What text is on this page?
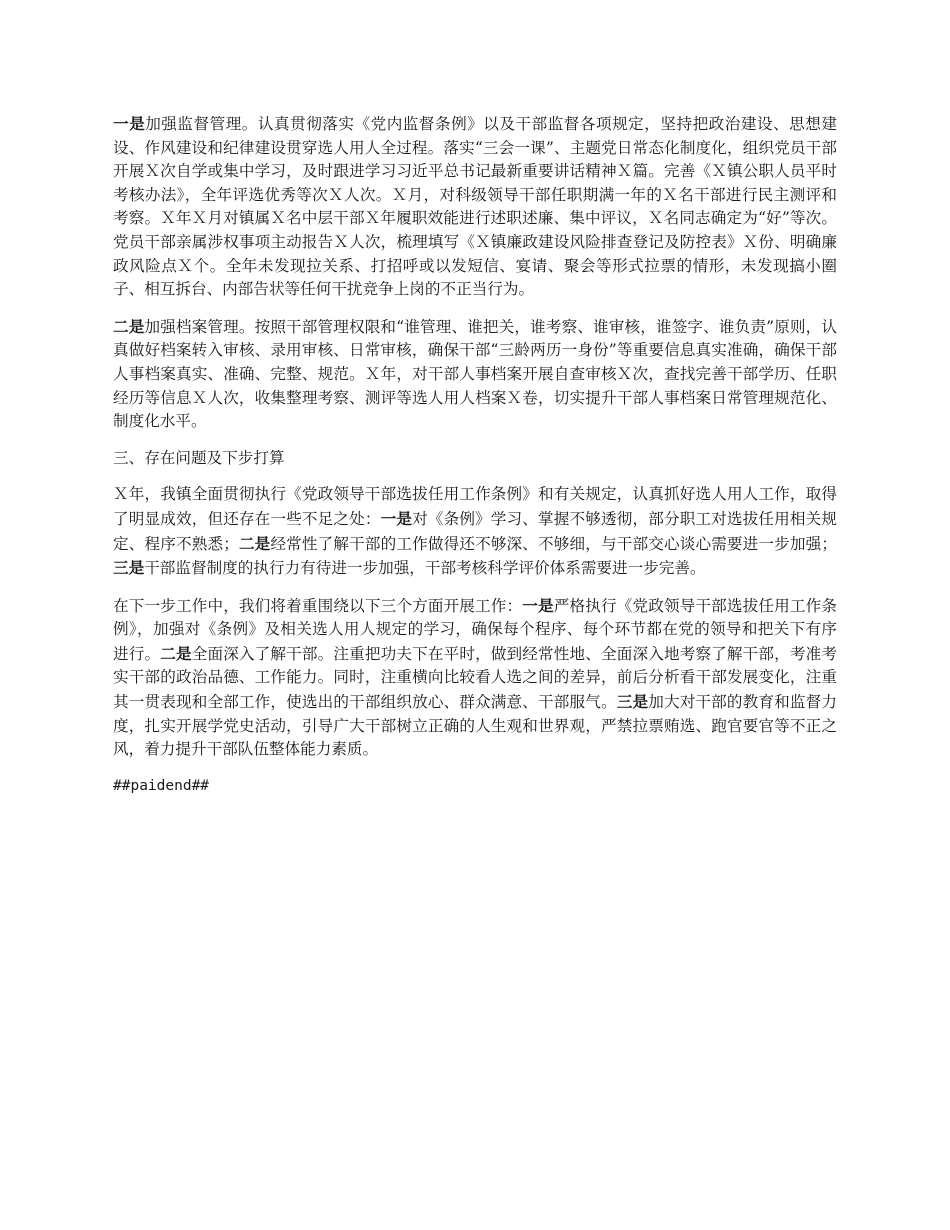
一是加强监督管理。认真贯彻落实《党内监督条例》以及干部监督各项规定，坚持把政治建设、思想建设、作风建设和纪律建设贯穿选人用人全过程。落实“三会一课”、主题党日常态化制度化，组织党员干部开展Ｘ次自学或集中学习，及时跟进学习习近平总书记最新重要讲话精神Ｘ篇。完善《Ｘ镇公职人员平时考核办法》，全年评选优秀等次Ｘ人次。Ｘ月，对科级领导干部任职期满一年的Ｘ名干部进行民主测评和考察。Ｘ年Ｘ月对镇属Ｘ名中层干部Ｘ年履职效能进行述职述廉、集中评议，Ｘ名同志确定为“好”等次。党员干部亲属涉权事项主动报告Ｘ人次，梳理填写《Ｘ镇廉政建设风险排查登记及防控表》Ｘ份、明确廉政风险点Ｘ个。全年未发现拉关系、打招呼或以发短信、宴请、聚会等形式拉票的情形，未发现搞小圈子、相互拆台、内部告状等任何干扰竞争上岗的不正当行为。

二是加强档案管理。按照干部管理权限和“谁管理、谁把关，谁考察、谁审核，谁签字、谁负责”原则，认真做好档案转入审核、录用审核、日常审核，确保干部“三龄两历一身份”等重要信息真实准确，确保干部人事档案真实、准确、完整、规范。Ｘ年，对干部人事档案开展自查审核Ｘ次，查找完善干部学历、任职经历等信息Ｘ人次，收集整理考察、测评等选人用人档案Ｘ卷，切实提升干部人事档案日常管理规范化、制度化水平。

三、存在问题及下步打算

Ｘ年，我镇全面贯彻执行《党政领导干部选拔任用工作条例》和有关规定，认真抓好选人用人工作，取得了明显成效，但还存在一些不足之处：一是对《条例》学习、掌握不够透彻，部分职工对选拔任用相关规定、程序不熟悉；二是经常性了解干部的工作做得还不够深、不够细，与干部交心谈心需要进一步加强；三是干部监督制度的执行力有待进一步加强，干部考核科学评价体系需要进一步完善。

在下一步工作中，我们将着重围绕以下三个方面开展工作：一是严格执行《党政领导干部选拔任用工作条例》，加强对《条例》及相关选人用人规定的学习，确保每个程序、每个环节都在党的领导和把关下有序进行。二是全面深入了解干部。注重把功夫下在平时，做到经常性地、全面深入地考察了解干部，考准考实干部的政治品德、工作能力。同时，注重横向比较看人选之间的差异，前后分析看干部发展变化，注重其一贯表现和全部工作，使选出的干部组织放心、群众满意、干部服气。三是加大对干部的教育和监督力度，扎实开展学党史活动，引导广大干部树立正确的人生观和世界观，严禁拉票贿选、跑官要官等不正之风，着力提升干部队伍整体能力素质。

##paidend##
